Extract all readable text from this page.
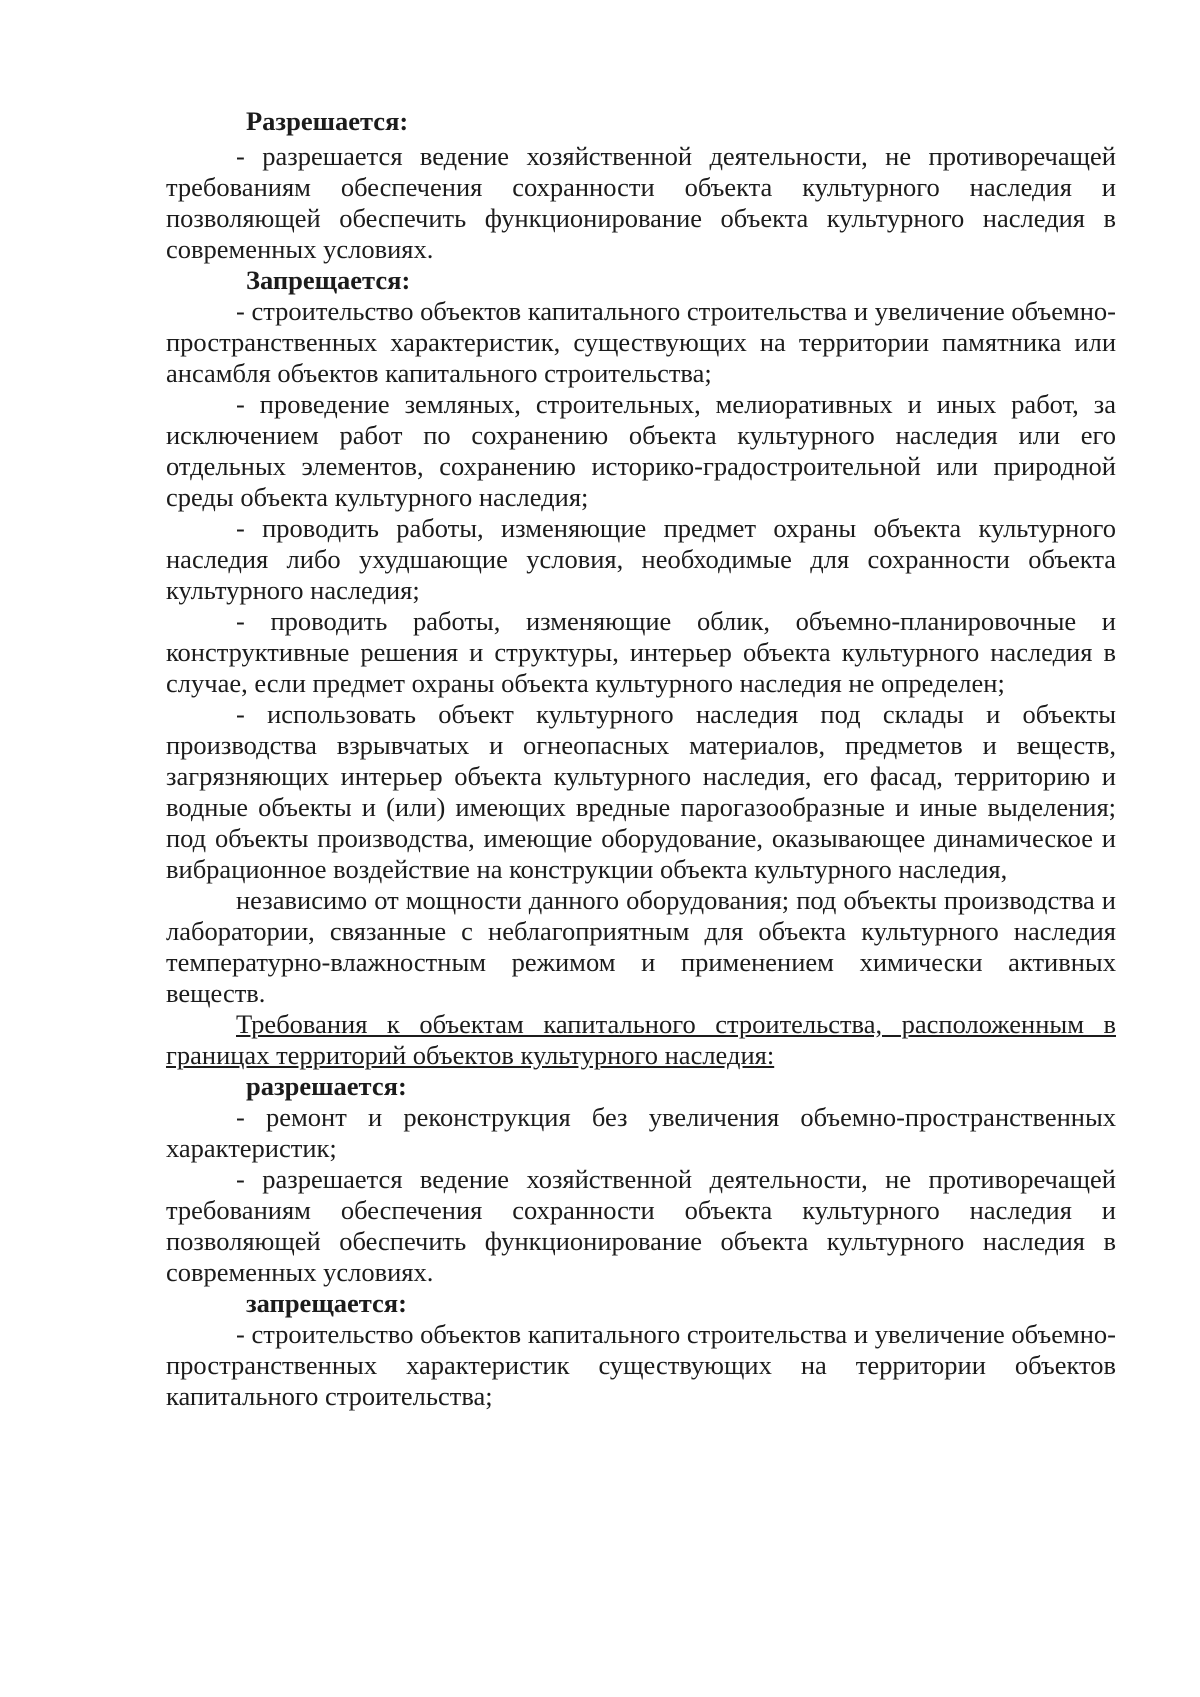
Разрешается:

- разрешается ведение хозяйственной деятельности, не противоречащей требованиям обеспечения сохранности объекта культурного наследия и позволяющей обеспечить функционирование объекта культурного наследия в современных условиях.

Запрещается:

- строительство объектов капитального строительства и увеличение объемно-пространственных характеристик, существующих на территории памятника или ансамбля объектов капитального строительства;

- проведение земляных, строительных, мелиоративных и иных работ, за исключением работ по сохранению объекта культурного наследия или его отдельных элементов, сохранению историко-градостроительной или природной среды объекта культурного наследия;

- проводить работы, изменяющие предмет охраны объекта культурного наследия либо ухудшающие условия, необходимые для сохранности объекта культурного наследия;

- проводить работы, изменяющие облик, объемно-планировочные и конструктивные решения и структуры, интерьер объекта культурного наследия в случае, если предмет охраны объекта культурного наследия не определен;

- использовать объект культурного наследия под склады и объекты производства взрывчатых и огнеопасных материалов, предметов и веществ, загрязняющих интерьер объекта культурного наследия, его фасад, территорию и водные объекты и (или) имеющих вредные парогазообразные и иные выделения; под объекты производства, имеющие оборудование, оказывающее динамическое и вибрационное воздействие на конструкции объекта культурного наследия,

независимо от мощности данного оборудования; под объекты производства и лаборатории, связанные с неблагоприятным для объекта культурного наследия температурно-влажностным режимом и применением химически активных веществ.

Требования к объектам капитального строительства, расположенным в границах территорий объектов культурного наследия:

разрешается:

- ремонт и реконструкция без увеличения объемно-пространственных характеристик;

- разрешается ведение хозяйственной деятельности, не противоречащей требованиям обеспечения сохранности объекта культурного наследия и позволяющей обеспечить функционирование объекта культурного наследия в современных условиях.

запрещается:

- строительство объектов капитального строительства и увеличение объемно-пространственных характеристик существующих на территории объектов капитального строительства;
